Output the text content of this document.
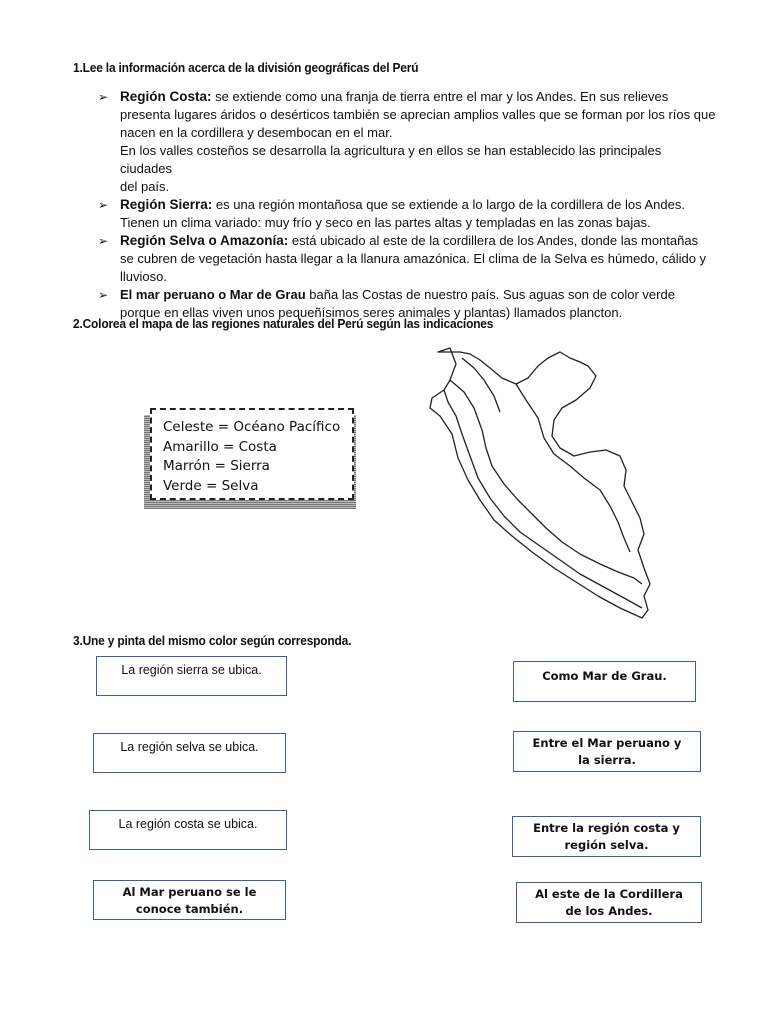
1.Lee la información acerca de la división geográficas del Perú
➢ Región Costa: se extiende como una franja de tierra entre el mar y los Andes. En sus relieves
presenta lugares áridos o desérticos también se aprecian amplios valles que se forman por los ríos que
nacen en la cordillera y desembocan en el mar.
En los valles costeños se desarrolla la agricultura y en ellos se han establecido las principales ciudades
del país.
➢ Región Sierra: es una región montañosa que se extiende a lo largo de la cordillera de los Andes.
Tienen un clima variado: muy frío y seco en las partes altas y templadas en las zonas bajas.
➢ Región Selva o Amazonía: está ubicado al este de la cordillera de los Andes, donde las montañas
se cubren de vegetación hasta llegar a la llanura amazónica. El clima de la Selva es húmedo, cálido y
lluvioso.
➢ El mar peruano o Mar de Grau baña las Costas de nuestro país. Sus aguas son de color verde
porque en ellas viven unos pequeñísimos seres animales y plantas) llamados plancton.
2.Colorea el mapa de las regiones naturales del Perú según las indicaciones
Celeste = Océano Pacífico
Amarillo = Costa
Marrón = Sierra
Verde = Selva
3.Une y pinta del mismo color según corresponda.
La región sierra se ubica.
La región selva se ubica.
La región costa se ubica.
Al Mar peruano se le conoce también.
Como Mar de Grau.
Entre el Mar peruano y la sierra.
Entre la región costa y región selva.
Al este de la Cordillera de los Andes.
